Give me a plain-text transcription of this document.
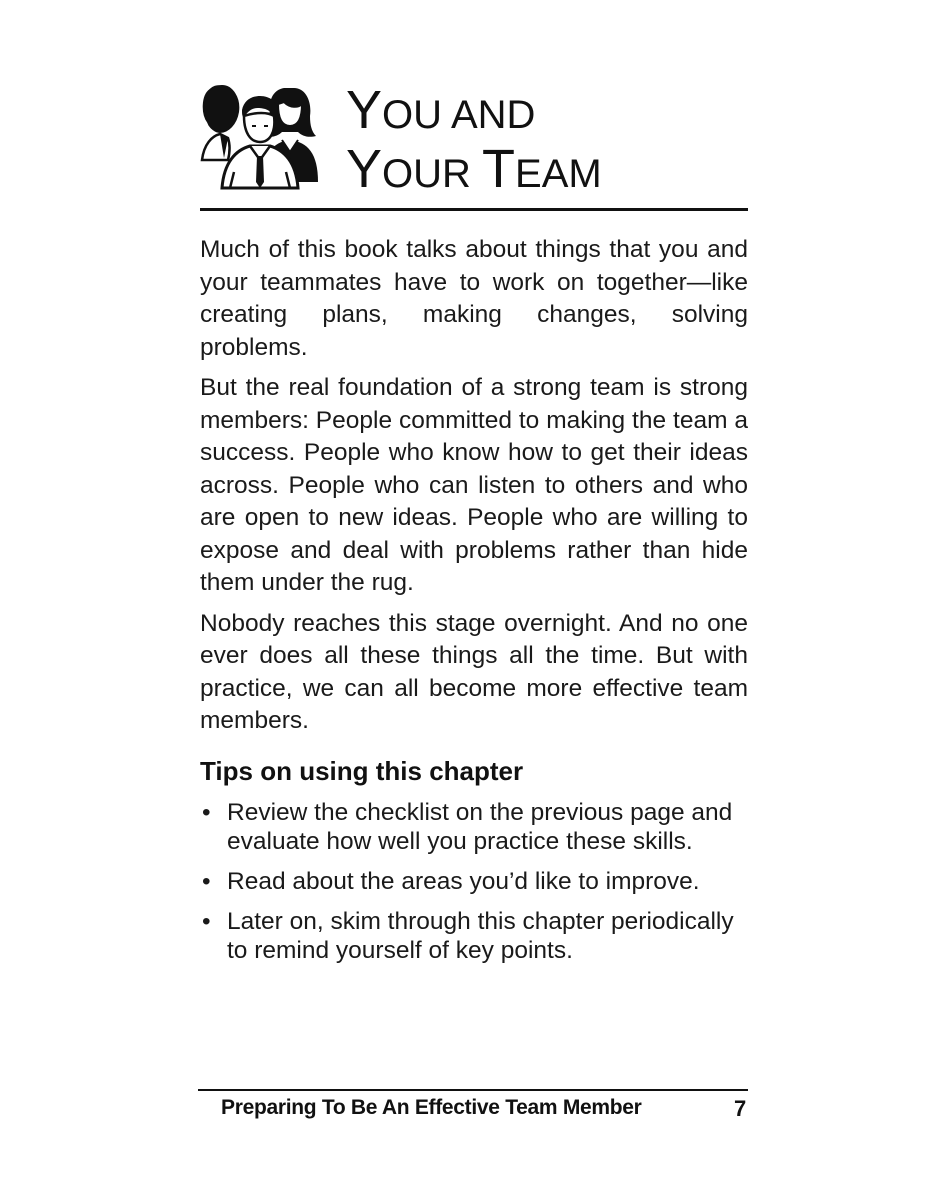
YOU AND
YOUR TEAM

Much of this book talks about things that you and your teammates have to work on together—like creating plans, making changes, solving problems.

But the real foundation of a strong team is strong members: People committed to making the team a success. People who know how to get their ideas across. People who can listen to others and who are open to new ideas. People who are willing to expose and deal with problems rather than hide them under the rug.

Nobody reaches this stage overnight. And no one ever does all these things all the time. But with practice, we can all become more effective team members.

Tips on using this chapter
• Review the checklist on the previous page and evaluate how well you practice these skills.
• Read about the areas you’d like to improve.
• Later on, skim through this chapter periodically to remind yourself of key points.
Preparing To Be An Effective Team Member	7
